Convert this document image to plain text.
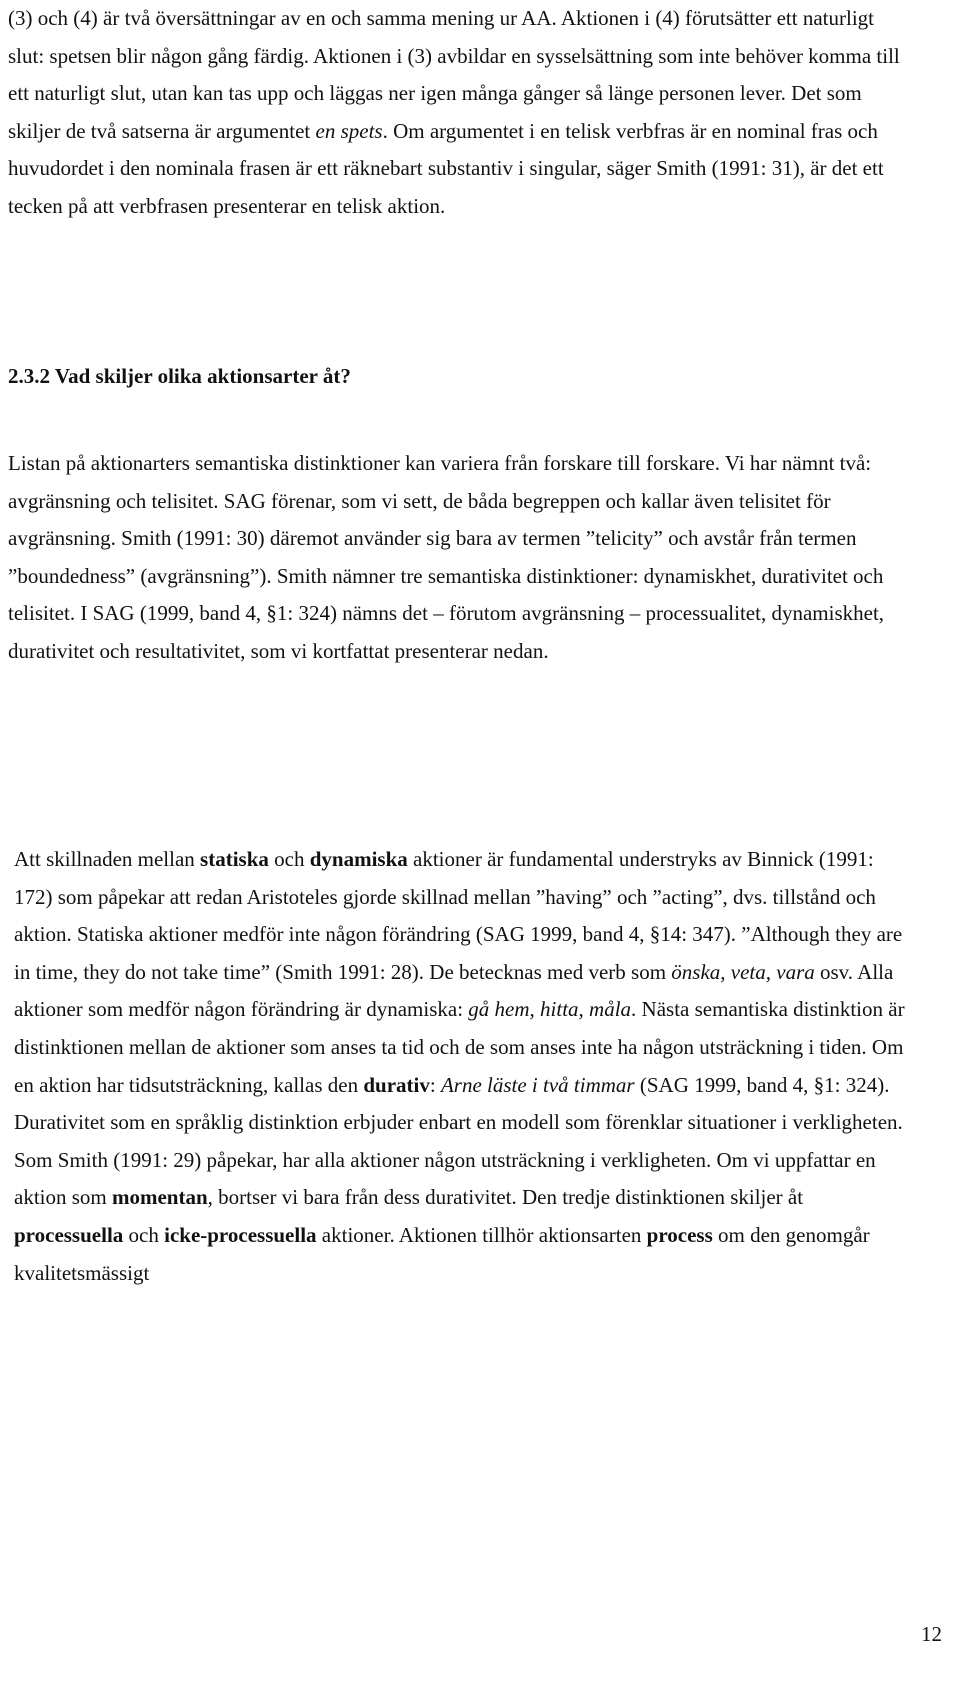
(3) och (4) är två översättningar av en och samma mening ur AA. Aktionen i (4) förutsätter ett naturligt slut: spetsen blir någon gång färdig. Aktionen i (3) avbildar en sysselsättning som inte behöver komma till ett naturligt slut, utan kan tas upp och läggas ner igen många gånger så länge personen lever. Det som skiljer de två satserna är argumentet en spets. Om argumentet i en telisk verbfras är en nominal fras och huvudordet i den nominala frasen är ett räknebart substantiv i singular, säger Smith (1991: 31), är det ett tecken på att verbfrasen presenterar en telisk aktion.

2.3.2 Vad skiljer olika aktionsarter åt?

Listan på aktionarters semantiska distinktioner kan variera från forskare till forskare. Vi har nämnt två: avgränsning och telisitet. SAG förenar, som vi sett, de båda begreppen och kallar även telisitet för avgränsning. Smith (1991: 30) däremot använder sig bara av termen ”telicity” och avstår från termen ”boundedness” (avgränsning”). Smith nämner tre semantiska distinktioner: dynamiskhet, durativitet och telisitet. I SAG (1999, band 4, §1: 324) nämns det – förutom avgränsning – processualitet, dynamiskhet, durativitet och resultativitet, som vi kortfattat presenterar nedan.

Att skillnaden mellan statiska och dynamiska aktioner är fundamental understryks av Binnick (1991: 172) som påpekar att redan Aristoteles gjorde skillnad mellan ”having” och ”acting”, dvs. tillstånd och aktion. Statiska aktioner medför inte någon förändring (SAG 1999, band 4, §14: 347). ”Although they are in time, they do not take time” (Smith 1991: 28). De betecknas med verb som önska, veta, vara osv. Alla aktioner som medför någon förändring är dynamiska: gå hem, hitta, måla. Nästa semantiska distinktion är distinktionen mellan de aktioner som anses ta tid och de som anses inte ha någon utsträckning i tiden. Om en aktion har tidsutsträckning, kallas den durativ: Arne läste i två timmar (SAG 1999, band 4, §1: 324). Durativitet som en språklig distinktion erbjuder enbart en modell som förenklar situationer i verkligheten. Som Smith (1991: 29) påpekar, har alla aktioner någon utsträckning i verkligheten. Om vi uppfattar en aktion som momentan, bortser vi bara från dess durativitet. Den tredje distinktionen skiljer åt processuella och icke-processuella aktioner. Aktionen tillhör aktionsarten process om den genomgår kvalitetsmässigt

12
